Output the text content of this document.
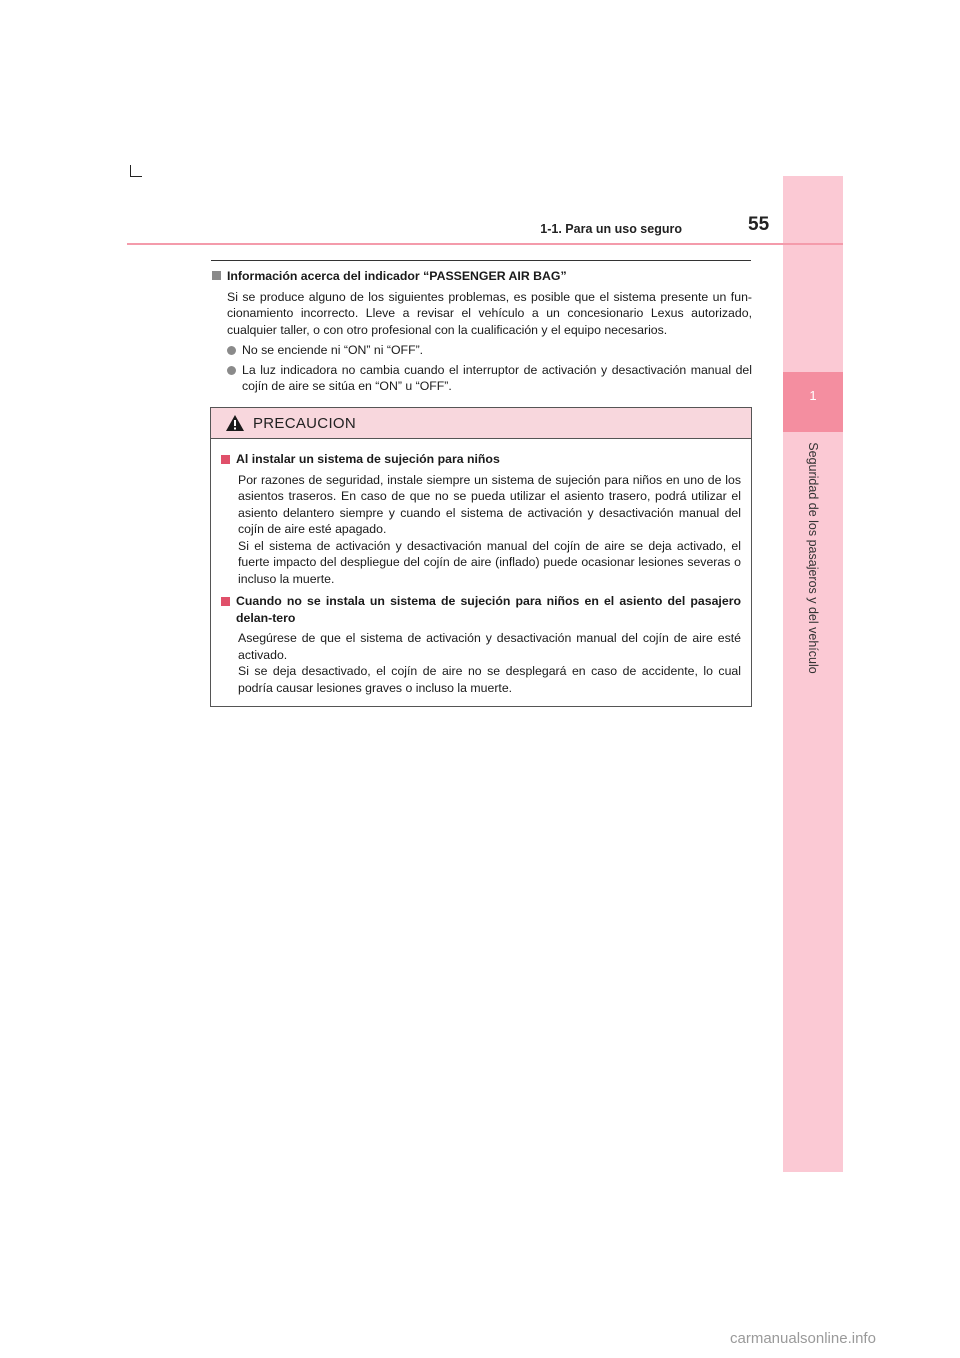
1
Seguridad de los pasajeros y del vehículo
1-1. Para un uso seguro	55
Información acerca del indicador “PASSENGER AIR BAG”
Si se produce alguno de los siguientes problemas, es posible que el sistema presente un fun-cionamiento incorrecto. Lleve a revisar el vehículo a un concesionario Lexus autorizado, cualquier taller, o con otro profesional con la cualificación y el equipo necesarios.
No se enciende ni “ON” ni “OFF”.
La luz indicadora no cambia cuando el interruptor de activación y desactivación manual del cojín de aire se sitúa en “ON” u “OFF”.
PRECAUCION
Al instalar un sistema de sujeción para niños
Por razones de seguridad, instale siempre un sistema de sujeción para niños en uno de los asientos traseros. En caso de que no se pueda utilizar el asiento trasero, podrá utilizar el asiento delantero siempre y cuando el sistema de activación y desactivación manual del cojín de aire esté apagado.
Si el sistema de activación y desactivación manual del cojín de aire se deja activado, el fuerte impacto del despliegue del cojín de aire (inflado) puede ocasionar lesiones severas o incluso la muerte.
Cuando no se instala un sistema de sujeción para niños en el asiento del pasajero delan-tero
Asegúrese de que el sistema de activación y desactivación manual del cojín de aire esté activado.
Si se deja desactivado, el cojín de aire no se desplegará en caso de accidente, lo cual podría causar lesiones graves o incluso la muerte.
carmanualsonline.info
